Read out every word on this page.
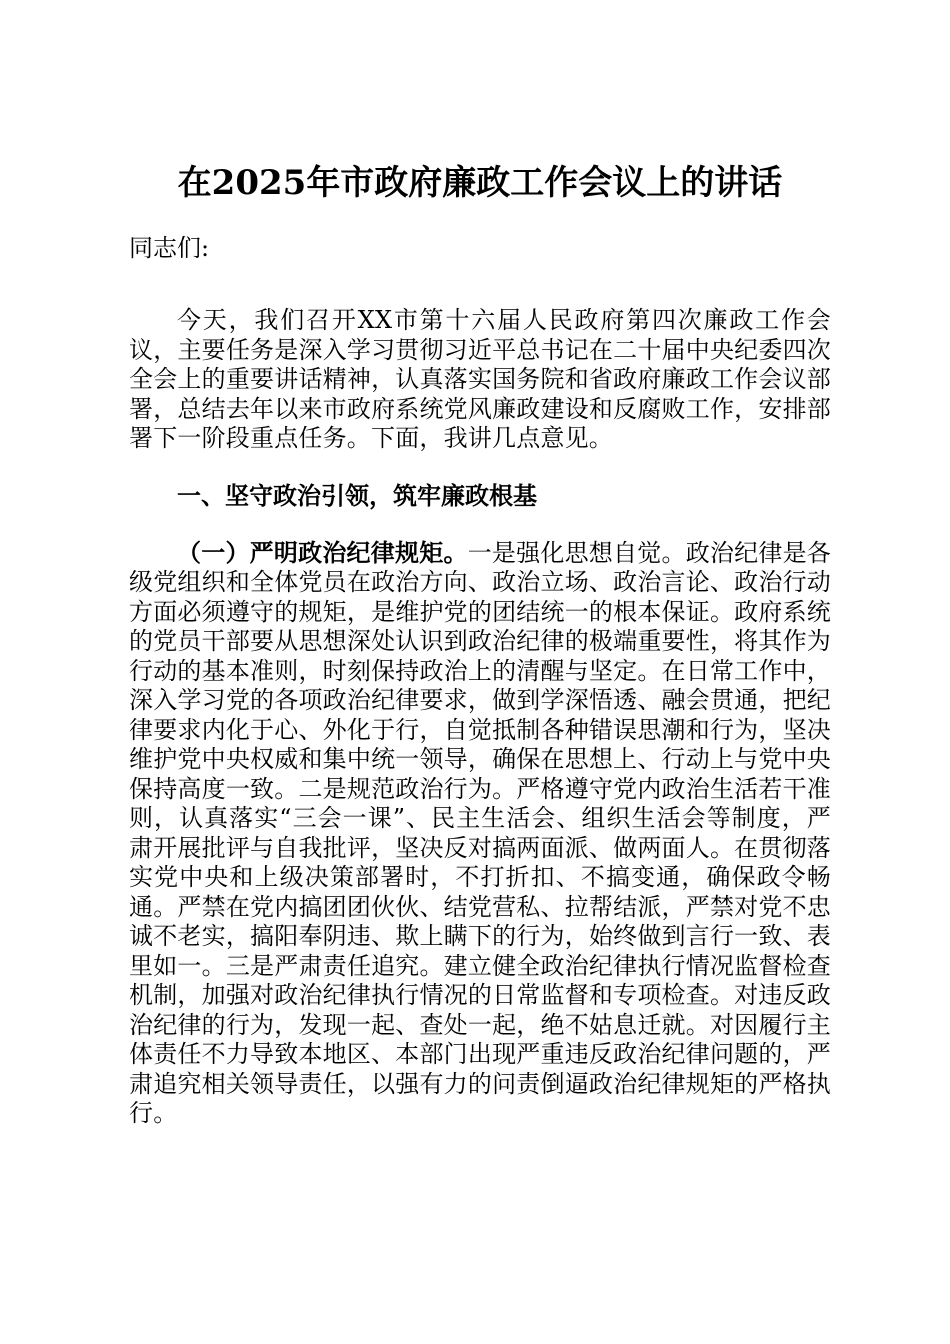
在2025年市政府廉政工作会议上的讲话

同志们:

今天，我们召开XX市第十六届人民政府第四次廉政工作会议，主要任务是深入学习贯彻习近平总书记在二十届中央纪委四次全会上的重要讲话精神，认真落实国务院和省政府廉政工作会议部署，总结去年以来市政府系统党风廉政建设和反腐败工作，安排部署下一阶段重点任务。下面，我讲几点意见。

一、坚守政治引领，筑牢廉政根基

（一）严明政治纪律规矩。一是强化思想自觉。政治纪律是各级党组织和全体党员在政治方向、政治立场、政治言论、政治行动方面必须遵守的规矩，是维护党的团结统一的根本保证。政府系统的党员干部要从思想深处认识到政治纪律的极端重要性，将其作为行动的基本准则，时刻保持政治上的清醒与坚定。在日常工作中，深入学习党的各项政治纪律要求，做到学深悟透、融会贯通，把纪律要求内化于心、外化于行，自觉抵制各种错误思潮和行为，坚决维护党中央权威和集中统一领导，确保在思想上、行动上与党中央保持高度一致。二是规范政治行为。严格遵守党内政治生活若干准则，认真落实“三会一课”、民主生活会、组织生活会等制度，严肃开展批评与自我批评，坚决反对搞两面派、做两面人。在贯彻落实党中央和上级决策部署时，不打折扣、不搞变通，确保政令畅通。严禁在党内搞团团伙伙、结党营私、拉帮结派，严禁对党不忠诚不老实，搞阳奉阴违、欺上瞒下的行为，始终做到言行一致、表里如一。三是严肃责任追究。建立健全政治纪律执行情况监督检查机制，加强对政治纪律执行情况的日常监督和专项检查。对违反政治纪律的行为，发现一起、查处一起，绝不姑息迁就。对因履行主体责任不力导致本地区、本部门出现严重违反政治纪律问题的，严肃追究相关领导责任，以强有力的问责倒逼政治纪律规矩的严格执行。
